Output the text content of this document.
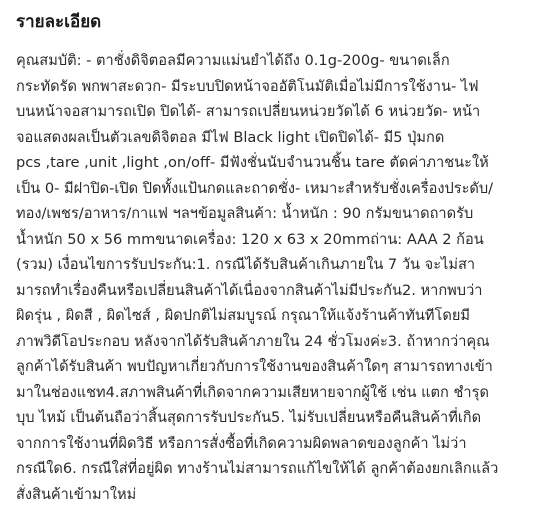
รายละเอียด
คุณสมบัติ: - ตาชั่งดิจิตอลมีความแม่นยำได้ถึง 0.1g-200g- ขนาดเล็ก
กระทัดรัด พกพาสะดวก- มีระบบปิดหน้าจออัติโนมัติเมื่อไม่มีการใช้งาน- ไฟ
บนหน้าจอสามารถเปิด ปิดได้- สามารถเปลี่ยนหน่วยวัดได้ 6 หน่วยวัด- หน้า
จอแสดงผลเป็นตัวเลขดิจิตอล มีไฟ Black light เปิดปิดได้- มี5 ปุ่มกด
pcs ,tare ,unit ,light ,on/off- มีฟังชั่นนับจำนวนชิ้น tare ตัดค่าภาชนะให้
เป็น 0- มีฝาปิด-เปิด ปิดทั้งแป้นกดและถาดชั่ง- เหมาะสำหรับชั่งเครื่องประดับ/
ทอง/เพชร/อาหาร/กาแฟ ฯลฯข้อมูลสินค้า: น้ำหนัก : 90 กรัมขนาดถาดรับ
น้ำหนัก 50 x 56 mmขนาดเครื่อง: 120 x 63 x 20mmถ่าน: AAA 2 ก้อน
(รวม) เงื่อนไขการรับประกัน:1. กรณีได้รับสินค้าเกินภายใน 7 วัน จะไม่สา
มารถทำเรื่องคืนหรือเปลี่ยนสินค้าได้เนื่องจากสินค้าไม่มีประกัน2. หากพบว่า
ผิดรุ่น , ผิดสี , ผิดไซส์ , ผิดปกติไม่สมบูรณ์ กรุณาให้แจ้งร้านค้าทันทีโดยมี
ภาพวิดีโอประกอบ หลังจากได้รับสินค้าภายใน 24 ชั่วโมงค่ะ3. ถ้าหากว่าคุณ
ลูกค้าได้รับสินค้า พบปัญหาเกี่ยวกับการใช้งานของสินค้าใดๆ สามารถทางเข้า
มาในช่องแชท4.สภาพสินค้าที่เกิดจากความเสียหายจากผู้ใช้ เช่น แตก ชำรุด
บุบ ไหม้ เป็นต้นถือว่าสิ้นสุดการรับประกัน5. ไม่รับเปลี่ยนหรือคืนสินค้าที่เกิด
จากการใช้งานที่ผิดวิธี หรือการสั่งซื้อที่เกิดความผิดพลาดของลูกค้า ไม่ว่า
กรณีใด6. กรณีใส่ที่อยู่ผิด ทางร้านไม่สามารถแก้ไขให้ได้ ลูกค้าต้องยกเลิกแล้ว
สั่งสินค้าเข้ามาใหม่
